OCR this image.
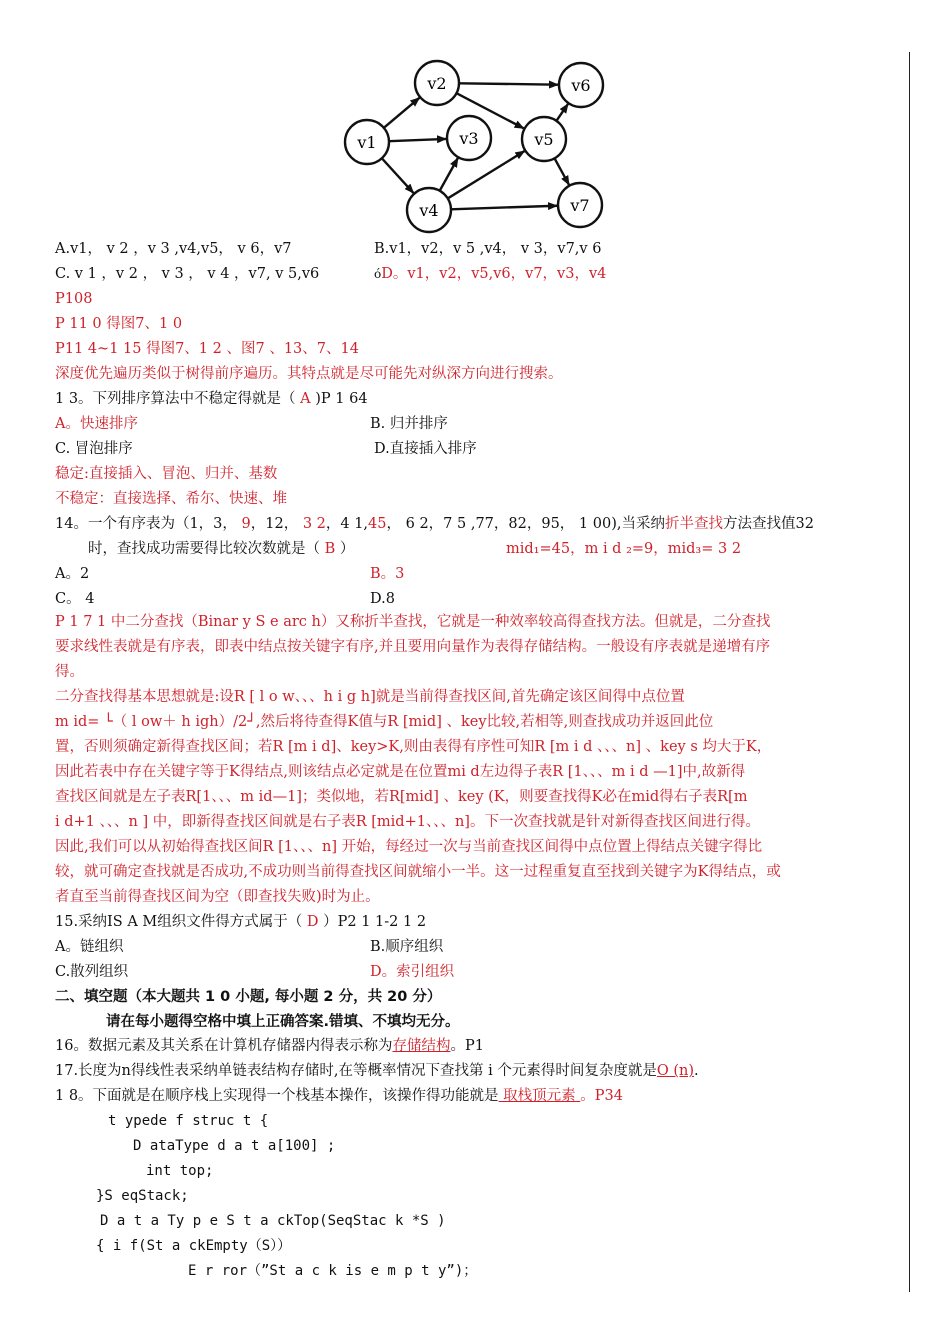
v1
v2
v3
v4
v5
v6
v7
A.v1， v 2 ，v 3 ,v4,v5， v 6，v7	B.v1，v2，v 5 ,v4， v 3，v7,v 6
C. v 1 ，v 2 ， v 3 ， v 4 ，v7, v 5,v6	óD。v1，v2，v5,v6，v7，v3，v4
P108
P 11 0 得图7、1 0
P11 4~1 15 得图7、1 2 、图7 、13、7、14
深度优先遍历类似于树得前序遍历。其特点就是尽可能先对纵深方向进行搜索。
1 3。下列排序算法中不稳定得就是（ A )P 1 64
A。快速排序	B. 归并排序
C. 冒泡排序	D.直接插入排序
稳定:直接插入、冒泡、归并、基数
不稳定：直接选择、希尔、快速、堆
14。一个有序表为（1，3， 9，12， 3 2，4 1,45， 6 2，7 5 ,77，82，95， 1 00),当采纳折半查找方法查找值32
时，查找成功需要得比较次数就是（ B ）	mid₁=45，m i d ₂=9，mid₃= 3 2
A。2	B。3
C。 4	D.8
P 1 7 1 中二分查找（Binar y S e arc h）又称折半查找，它就是一种效率较高得查找方法。但就是，二分查找
要求线性表就是有序表，即表中结点按关键字有序,并且要用向量作为表得存储结构。一般设有序表就是递增有序
得。
二分查找得基本思想就是:设R [ l o w、、、h i g h]就是当前得查找区间,首先确定该区间得中点位置
m id= └（ l ow＋ h igh）/2┘,然后将待查得K值与R [mid] 、key比较,若相等,则查找成功并返回此位
置，否则须确定新得查找区间；若R [m i d]、key>K,则由表得有序性可知R [m i d 、、、n] 、key s 均大于K，
因此若表中存在关键字等于K得结点,则该结点必定就是在位置mi d左边得子表R [1、、、m i d —1]中,故新得
查找区间就是左子表R[1、、、m id—1]；类似地，若R[mid] 、key (K，则要查找得K必在mid得右子表R[m
i d+1 、、、n ] 中，即新得查找区间就是右子表R [mid+1、、、n]。下一次查找就是针对新得查找区间进行得。
因此,我们可以从初始得查找区间R [1、、、n] 开始，每经过一次与当前查找区间得中点位置上得结点关键字得比
较，就可确定查找就是否成功,不成功则当前得查找区间就缩小一半。这一过程重复直至找到关键字为K得结点，或
者直至当前得查找区间为空（即查找失败)时为止。
15.采纳IS A M组织文件得方式属于（ D ）P2 1 1-2 1 2
A。链组织	B.顺序组织
C.散列组织	D。索引组织
二、填空题（本大题共 1 0 小题, 每小题 2 分，共 20 分）
请在每小题得空格中填上正确答案.错填、不填均无分。
16。数据元素及其关系在计算机存储器内得表示称为存储结构。P1
17.长度为n得线性表采纳单链表结构存储时,在等概率情况下查找第 i 个元素得时间复杂度就是O (n).
1 8。下面就是在顺序栈上实现得一个栈基本操作，该操作得功能就是 取栈顶元素 。P34
t ypede f struc t {
D ataType d a t a[100] ;
int top;
}S eqStack;
D a t a Ty p e S t a ckTop(SeqStac k *S )
{ i f(St a ckEmpty（S））
E r ror（”St a c k is e m p t y”)；
